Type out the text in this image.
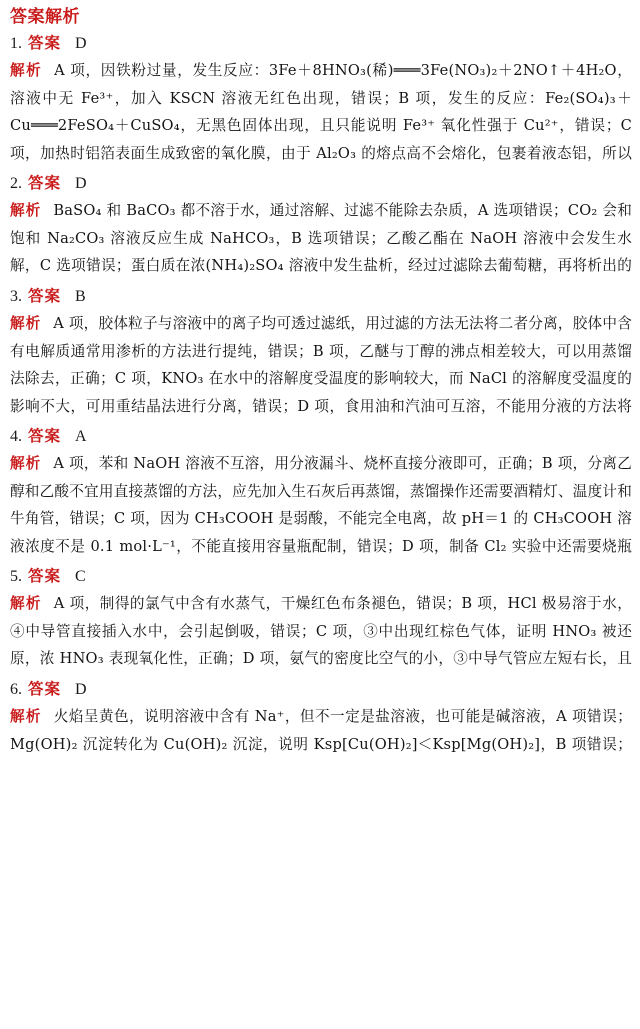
答案解析
1. 答案 D

解析 A 项，因铁粉过量，发生反应：3Fe＋8HNO₃(稀)═══3Fe(NO₃)₂＋2NO↑＋4H₂O，溶液中无 Fe³⁺，加入 KSCN 溶液无红色出现，错误；B 项，发生的反应：Fe₂(SO₄)₃＋Cu═══2FeSO₄＋CuSO₄，无黑色固体出现，且只能说明 Fe³⁺ 氧化性强于 Cu²⁺，错误；C 项，加热时铝箔表面生成致密的氧化膜，由于 Al₂O₃ 的熔点高不会熔化，包裹着液态铝，所以

2. 答案 D

解析 BaSO₄ 和 BaCO₃ 都不溶于水，通过溶解、过滤不能除去杂质，A 选项错误；CO₂ 会和饱和 Na₂CO₃ 溶液反应生成 NaHCO₃，B 选项错误；乙酸乙酯在 NaOH 溶液中会发生水解，C 选项错误；蛋白质在浓(NH₄)₂SO₄ 溶液中发生盐析，经过过滤除去葡萄糖，再将析出的

3. 答案 B

解析 A 项，胶体粒子与溶液中的离子均可透过滤纸，用过滤的方法无法将二者分离，胶体中含有电解质通常用渗析的方法进行提纯，错误；B 项，乙醚与丁醇的沸点相差较大，可以用蒸馏法除去，正确；C 项，KNO₃ 在水中的溶解度受温度的影响较大，而 NaCl 的溶解度受温度的影响不大，可用重结晶法进行分离，错误；D 项，食用油和汽油可互溶，不能用分液的方法将

4. 答案 A

解析 A 项，苯和 NaOH 溶液不互溶，用分液漏斗、烧杯直接分液即可，正确；B 项，分离乙醇和乙酸不宜用直接蒸馏的方法，应先加入生石灰后再蒸馏，蒸馏操作还需要酒精灯、温度计和牛角管，错误；C 项，因为 CH₃COOH 是弱酸，不能完全电离，故 pH＝1 的 CH₃COOH 溶液浓度不是 0.1 mol·L⁻¹，不能直接用容量瓶配制，错误；D 项，制备 Cl₂ 实验中还需要烧瓶

5. 答案 C

解析 A 项，制得的氯气中含有水蒸气，干燥红色布条褪色，错误；B 项，HCl 极易溶于水，④中导管直接插入水中，会引起倒吸，错误；C 项，③中出现红棕色气体，证明 HNO₃ 被还原，浓 HNO₃ 表现氧化性，正确；D 项，氨气的密度比空气的小，③中导气管应左短右长，且

6. 答案 D

解析 火焰呈黄色，说明溶液中含有 Na⁺，但不一定是盐溶液，也可能是碱溶液，A 项错误；Mg(OH)₂ 沉淀转化为 Cu(OH)₂ 沉淀，说明 Ksp[Cu(OH)₂]＜Ksp[Mg(OH)₂]，B 项错误；
